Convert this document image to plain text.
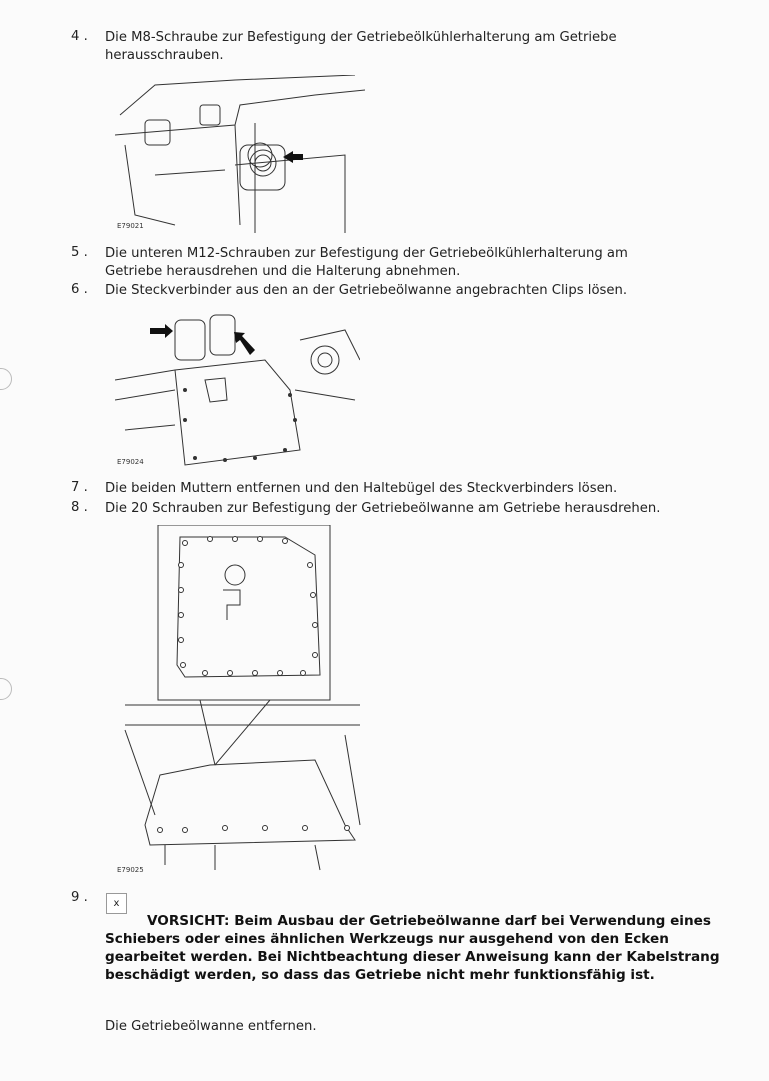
4 . Die M8-Schraube zur Befestigung der Getriebeölkühlerhalterung am Getriebe herausschrauben.
E79021
5 . Die unteren M12-Schrauben zur Befestigung der Getriebeölkühlerhalterung am Getriebe herausdrehen und die Halterung abnehmen.
6 . Die Steckverbinder aus den an der Getriebeölwanne angebrachten Clips lösen.
E79024
7 . Die beiden Muttern entfernen und den Haltebügel des Steckverbinders lösen.
8 . Die 20 Schrauben zur Befestigung der Getriebeölwanne am Getriebe herausdrehen.
E79025
9 .	x
VORSICHT: Beim Ausbau der Getriebeölwanne darf bei Verwendung eines Schiebers oder eines ähnlichen Werkzeugs nur ausgehend von den Ecken gearbeitet werden. Bei Nichtbeachtung dieser Anweisung kann der Kabelstrang beschädigt werden, so dass das Getriebe nicht mehr funktionsfähig ist.
Die Getriebeölwanne entfernen.
